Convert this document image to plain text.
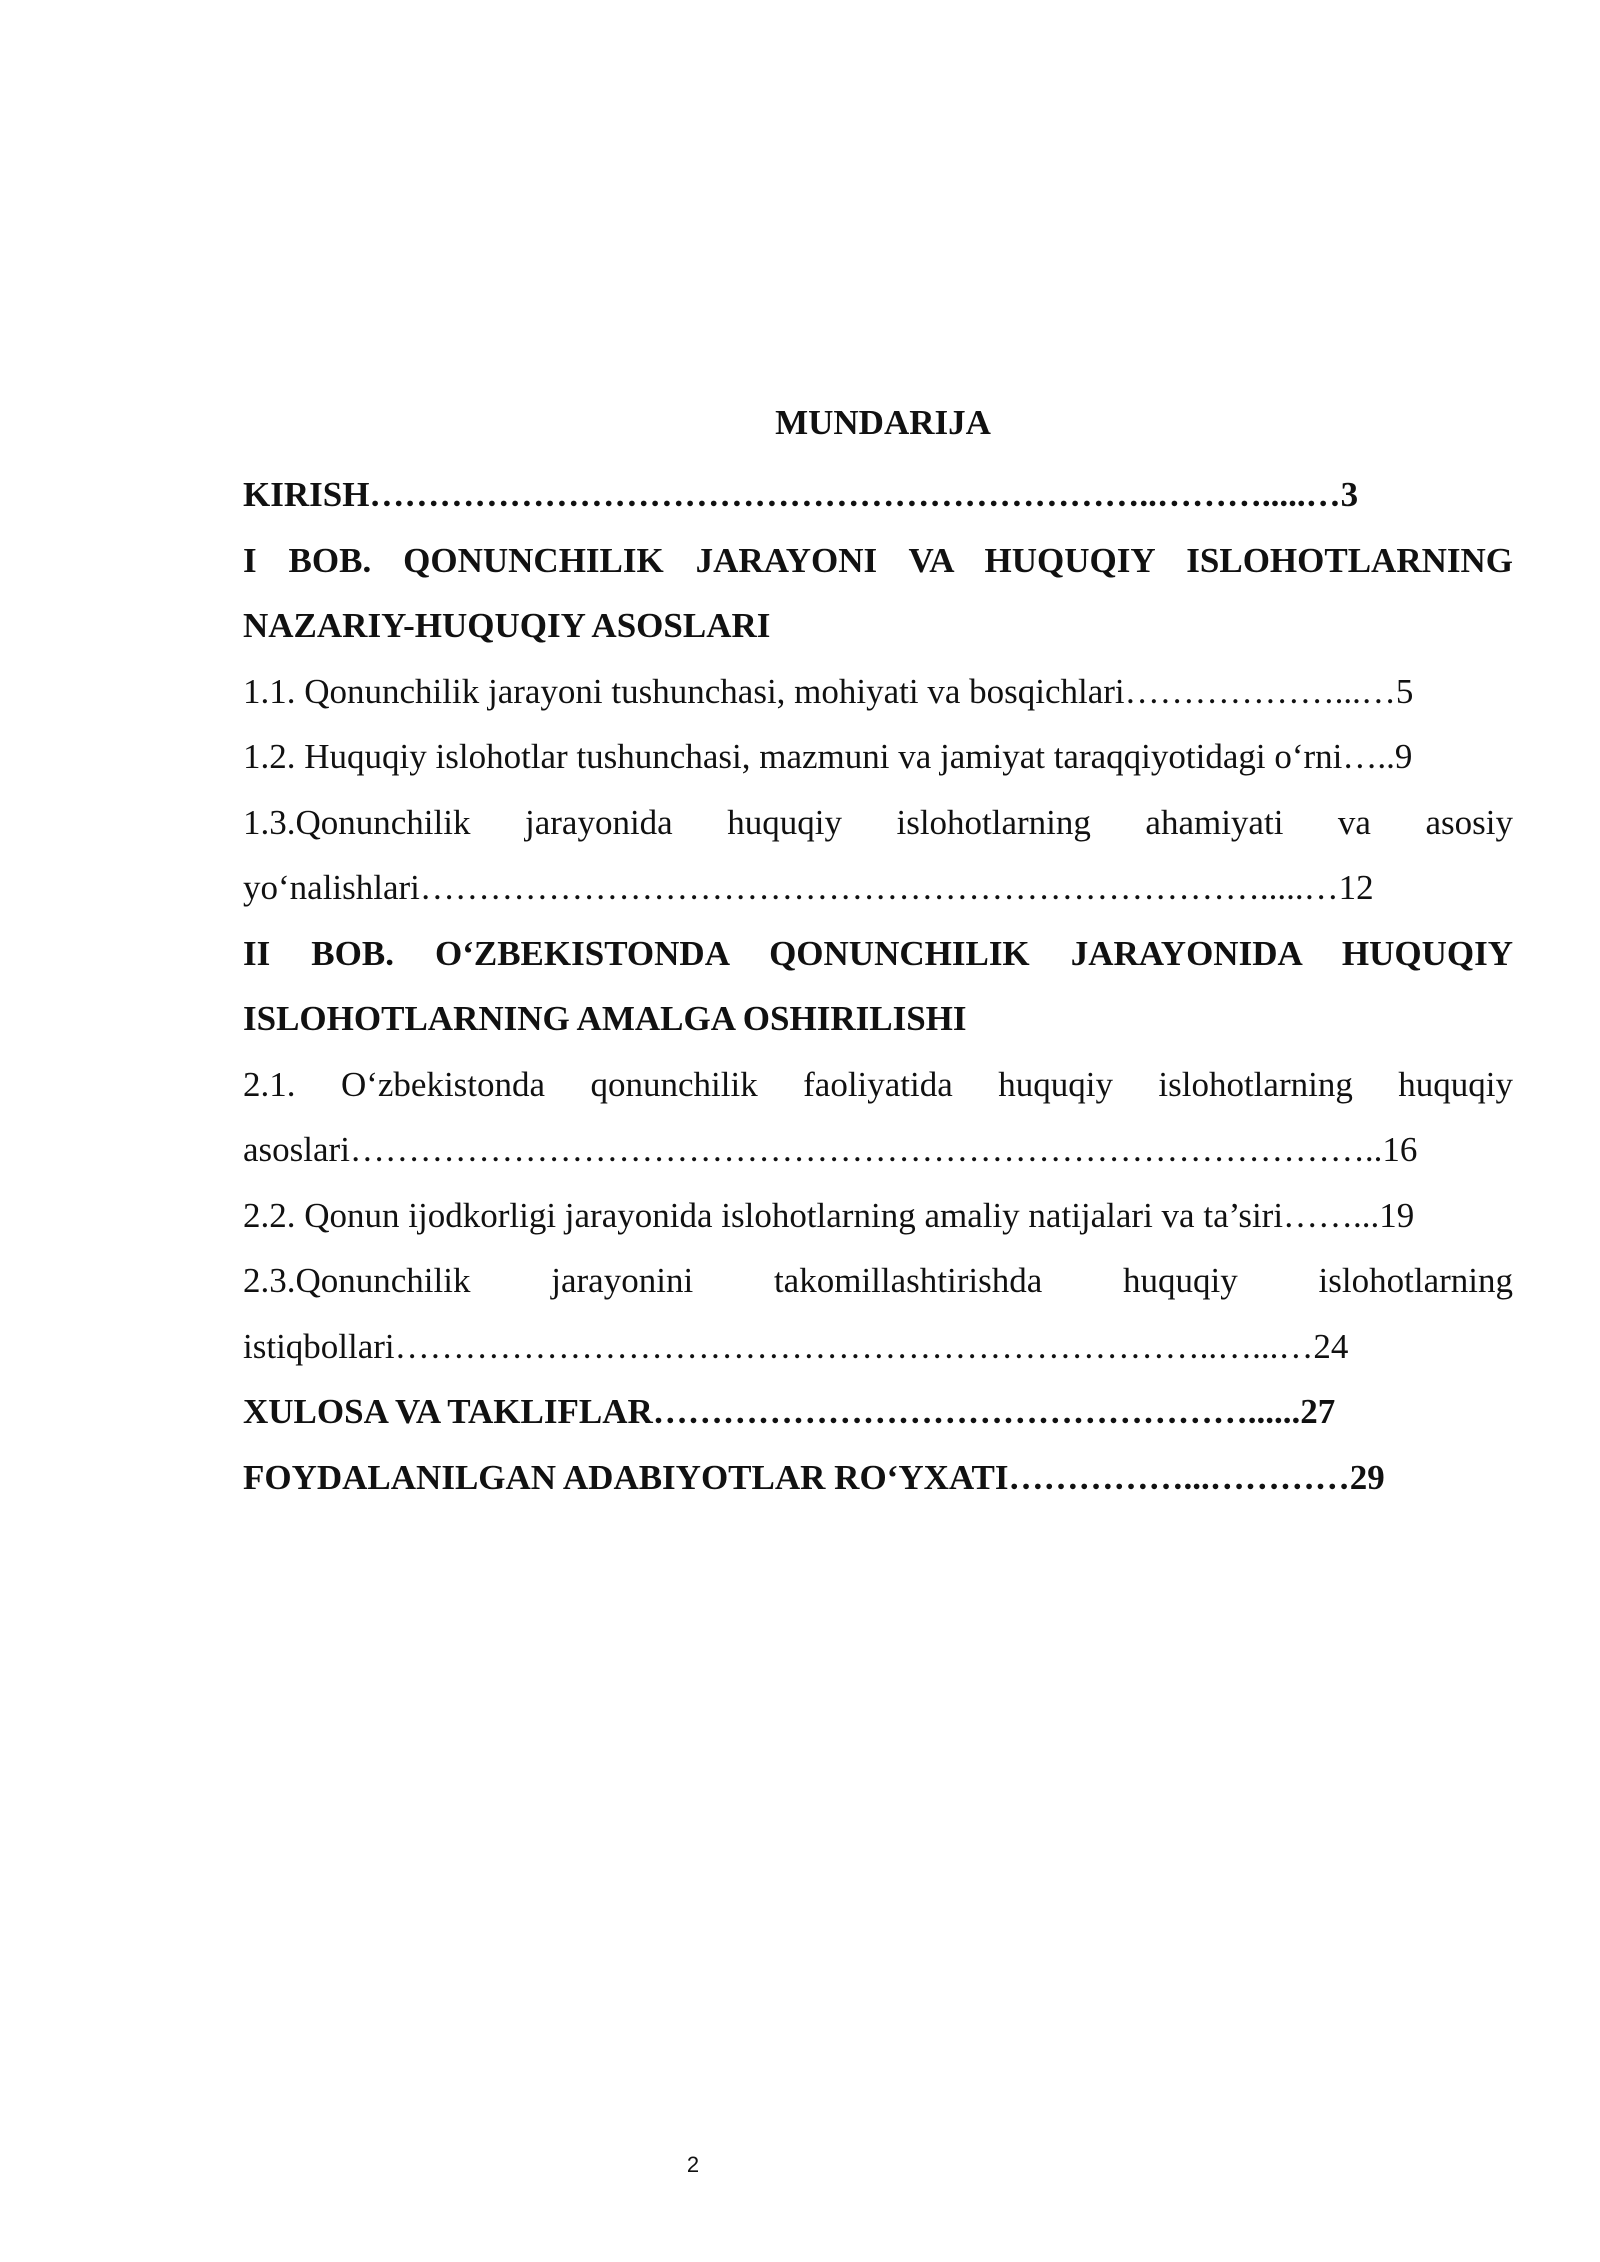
MUNDARIJA
KIRISH…………………………………………………………..……….....…3
I BOB. QONUNCHILIK JARAYONI VA HUQUQIY ISLOHOTLARNING
NAZARIY-HUQUQIY ASOSLARI
1.1. Qonunchilik jarayoni tushunchasi, mohiyati va bosqichlari………………...…5
1.2. Huquqiy islohotlar tushunchasi, mazmuni va jamiyat taraqqiyotidagi o‘rni…..9
1.3.Qonunchilik jarayonida huquqiy islohotlarning ahamiyati va asosiy
yo‘nalishlari……………………………………………………………….....…12
II BOB. O‘ZBEKISTONDA QONUNCHILIK JARAYONIDA HUQUQIY
ISLOHOTLARNING AMALGA OSHIRILISHI
2.1. O‘zbekistonda qonunchilik faoliyatida huquqiy islohotlarning huquqiy
asoslari……………………………………………………………………………..16
2.2. Qonun ijodkorligi jarayonida islohotlarning amaliy natijalari va ta’siri……...19
2.3.Qonunchilik jarayonini takomillashtirishda huquqiy islohotlarning
istiqbollari……………………………………………………………..…...…24
XULOSA VA TAKLIFLAR……………………………………………......27
FOYDALANILGAN ADABIYOTLAR RO‘YXATI……………...…………29
2
